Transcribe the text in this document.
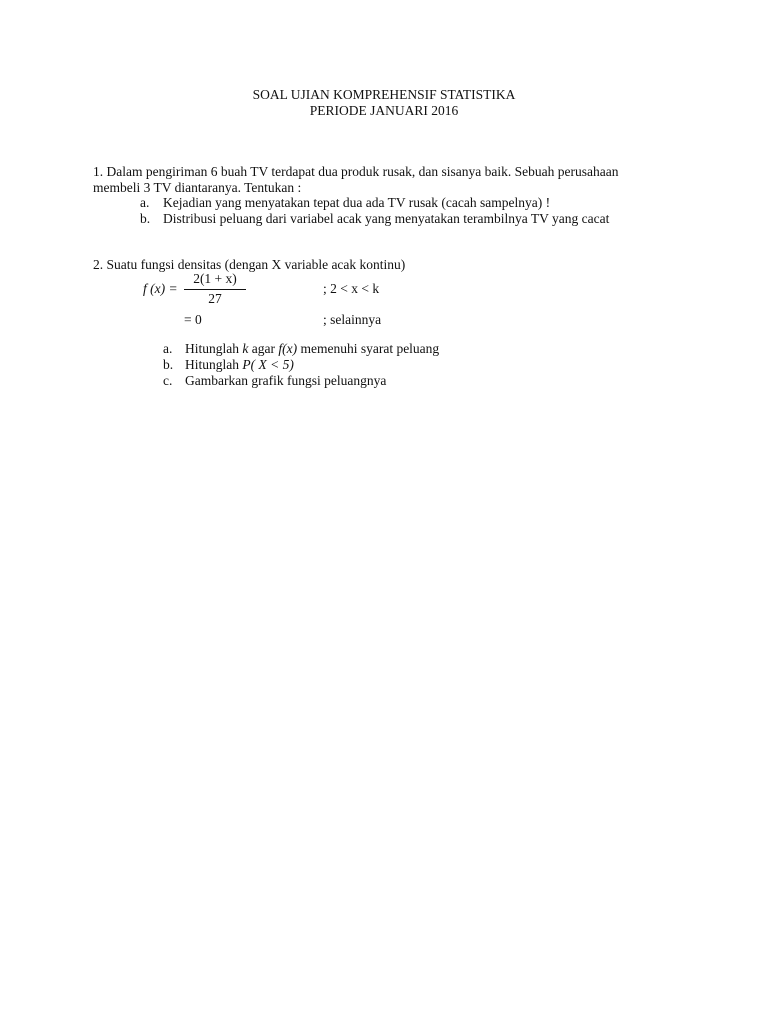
SOAL UJIAN KOMPREHENSIF STATISTIKA
PERIODE JANUARI 2016
1. Dalam pengiriman 6 buah TV terdapat dua produk rusak, dan sisanya baik. Sebuah perusahaan
membeli 3 TV diantaranya. Tentukan :
a. Kejadian yang menyatakan tepat dua ada TV rusak (cacah sampelnya) !
b. Distribusi peluang dari variabel acak yang menyatakan terambilnya TV yang cacat
2. Suatu fungsi densitas (dengan X variable acak kontinu)
f (x) =
2(1 + x)
27
; 2 < x < k
= 0	; selainnya
a. Hitunglah k agar f(x) memenuhi syarat peluang
b. Hitunglah P( X < 5)
c. Gambarkan grafik fungsi peluangnya
